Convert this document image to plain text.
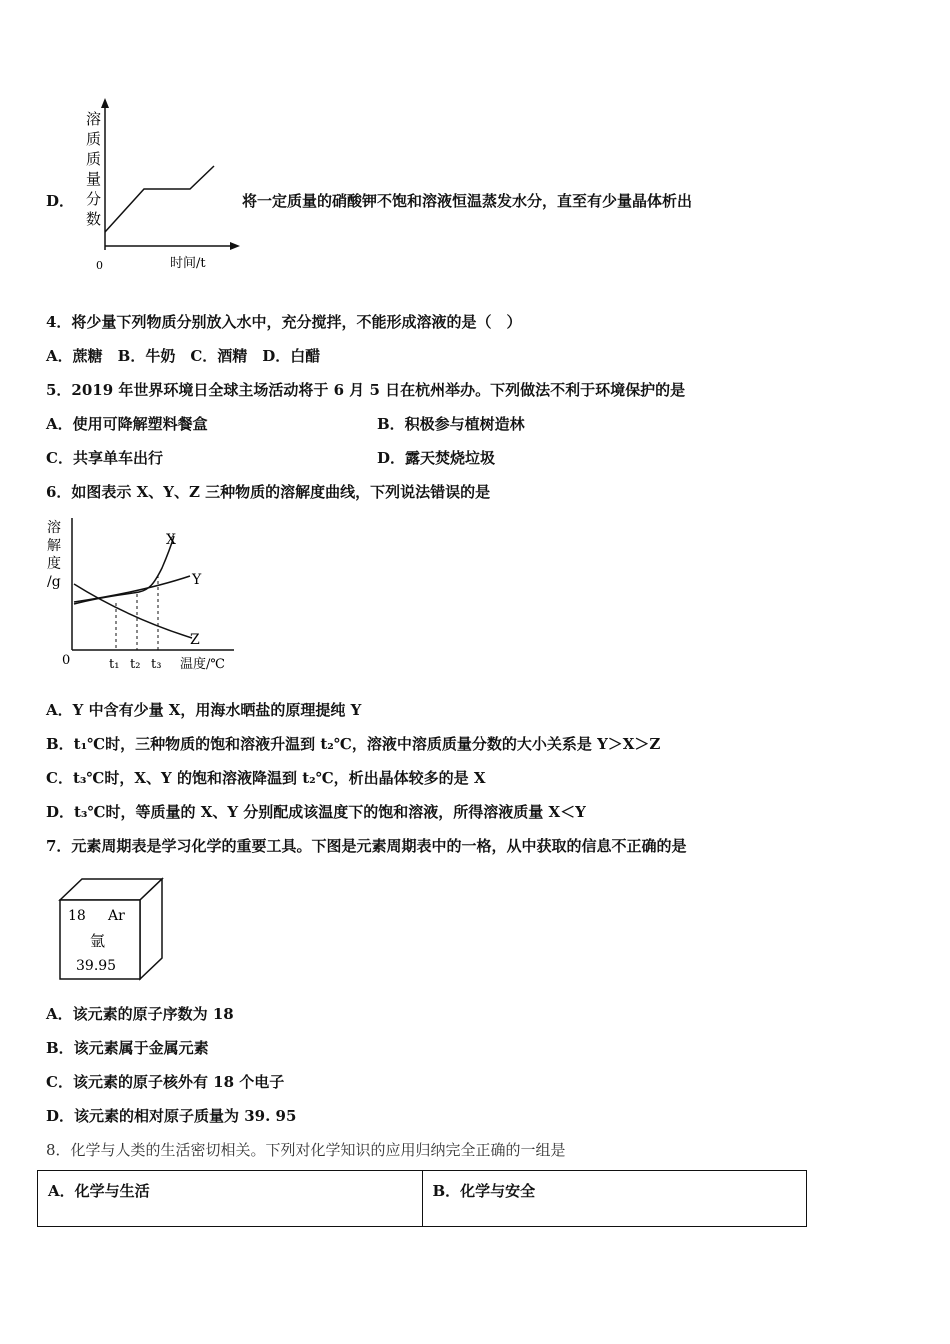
D．
溶
质
质
量
分
数
0	时间/t
将一定质量的硝酸钾不饱和溶液恒温蒸发水分，直至有少量晶体析出
4．将少量下列物质分别放入水中，充分搅拌，不能形成溶液的是（　）
A．蔗糖　B．牛奶　C．酒精　D．白醋
5．2019 年世界环境日全球主场活动将于 6 月 5 日在杭州举办。下列做法不利于环境保护的是
A．使用可降解塑料餐盒	B．积极参与植树造林
C．共享单车出行	D．露天焚烧垃圾
6．如图表示 X、Y、Z 三种物质的溶解度曲线，下列说法错误的是
溶
解
度
/g
0
X
Y
Z
t₁ t₂ t₃ 温度/℃
A．Y 中含有少量 X，用海水晒盐的原理提纯 Y
B．t₁℃时，三种物质的饱和溶液升温到 t₂℃，溶液中溶质质量分数的大小关系是 Y＞X＞Z
C．t₃℃时，X、Y 的饱和溶液降温到 t₂℃，析出晶体较多的是 X
D．t₃℃时，等质量的 X、Y 分别配成该温度下的饱和溶液，所得溶液质量 X＜Y
7．元素周期表是学习化学的重要工具。下图是元素周期表中的一格，从中获取的信息不正确的是
18 Ar
氩
39.95
A．该元素的原子序数为 18
B．该元素属于金属元素
C．该元素的原子核外有 18 个电子
D．该元素的相对原子质量为 39. 95
8．化学与人类的生活密切相关。下列对化学知识的应用归纳完全正确的一组是
A．化学与生活	B．化学与安全
